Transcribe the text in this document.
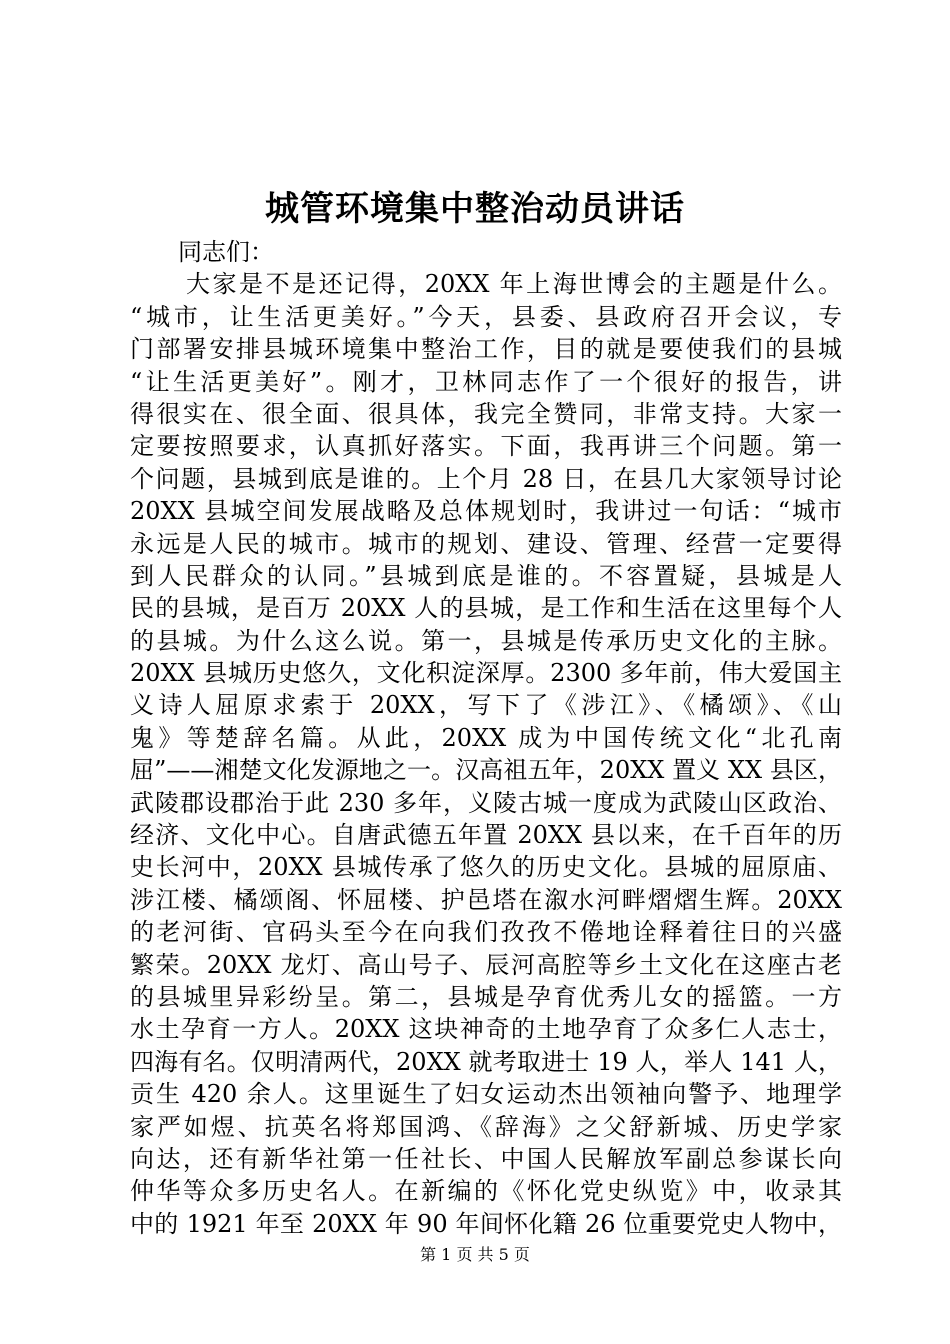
城管环境集中整治动员讲话
同志们：
大家是不是还记得，20XX 年上海世博会的主题是什么。
“城市，让生活更美好。”今天，县委、县政府召开会议，专
门部署安排县城环境集中整治工作，目的就是要使我们的县城
“让生活更美好”。刚才，卫林同志作了一个很好的报告，讲
得很实在、很全面、很具体，我完全赞同，非常支持。大家一
定要按照要求，认真抓好落实。下面，我再讲三个问题。第一
个问题，县城到底是谁的。上个月 28 日，在县几大家领导讨论
20XX 县城空间发展战略及总体规划时，我讲过一句话：“城市
永远是人民的城市。城市的规划、建设、管理、经营一定要得
到人民群众的认同。”县城到底是谁的。不容置疑，县城是人
民的县城，是百万 20XX 人的县城，是工作和生活在这里每个人
的县城。为什么这么说。第一，县城是传承历史文化的主脉。
20XX 县城历史悠久，文化积淀深厚。2300 多年前，伟大爱国主
义诗人屈原求索于 20XX，写下了《涉江》、《橘颂》、《山
鬼》等楚辞名篇。从此，20XX 成为中国传统文化“北孔南
屈”——湘楚文化发源地之一。汉高祖五年，20XX 置义 XX 县区，
武陵郡设郡治于此 230 多年，义陵古城一度成为武陵山区政治、
经济、文化中心。自唐武德五年置 20XX 县以来，在千百年的历
史长河中，20XX 县城传承了悠久的历史文化。县城的屈原庙、
涉江楼、橘颂阁、怀屈楼、护邑塔在溆水河畔熠熠生辉。20XX
的老河街、官码头至今在向我们孜孜不倦地诠释着往日的兴盛
繁荣。20XX 龙灯、高山号子、辰河高腔等乡土文化在这座古老
的县城里异彩纷呈。第二，县城是孕育优秀儿女的摇篮。一方
水土孕育一方人。20XX 这块神奇的土地孕育了众多仁人志士，
四海有名。仅明清两代，20XX 就考取进士 19 人，举人 141 人，
贡生 420 余人。这里诞生了妇女运动杰出领袖向警予、地理学
家严如煜、抗英名将郑国鸿、《辞海》之父舒新城、历史学家
向达，还有新华社第一任社长、中国人民解放军副总参谋长向
仲华等众多历史名人。在新编的《怀化党史纵览》中，收录其
中的 1921 年至 20XX 年 90 年间怀化籍 26 位重要党史人物中，
第 1 页 共 5 页
